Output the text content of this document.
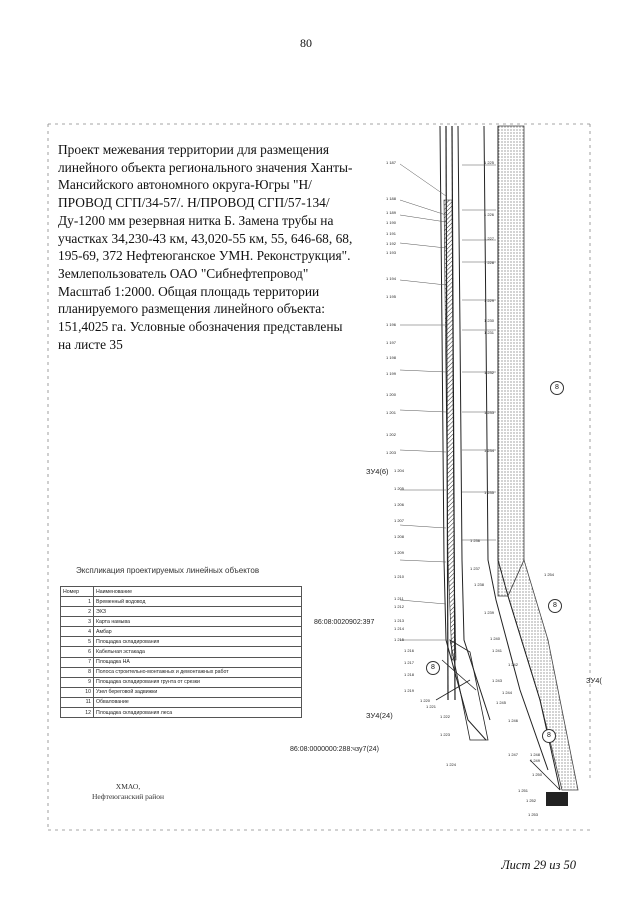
80
Проект межевания территории для размещения линейного объекта регионального значения Ханты-Мансийского автономного округа-Югры "Н/ПРОВОД СГП/34-57/. Н/ПРОВОД СГП/57-134/Ду-1200 мм резервная нитка Б. Замена трубы на участках 34,230-43 км, 43,020-55 км, 55, 646-68, 68, 195-69, 372 Нефтеюганское УМН. Реконструкция". Землепользователь ОАО "Сибнефтепровод" Масштаб 1:2000. Общая площадь территории планируемого размещения линейного объекта: 151,4025 га. Условные обозначения представлены на листе 35
1 187
1 188
1 189
1 190
1 191
1 192
1 193
1 194
1 195
1 196
1 197
1 198
1 199
1 200
1 201
1 202
1 203
1 204
1 205
1 206
1 207
1 208
1 209
1 210
1 211
1 212
1 213
1 214
1 215
1 216
1 217
1 218
1 219
1 220
1 221
1 222
1 223
1 224
1 225
1 226
1 227
1 228
1 229
1 230
1 231
1 232
1 233
1 234
1 235
1 236
1 237
1 238
1 239
1 240
1 241
1 242
1 243
1 244
1 245
1 246
1 247	1 248
1 249
1 250
1 251
1 252
1 253
1 254
ЗУ4(6)
ЗУ4(24)
ЗУ4(
86:08:0020902:397
86:08:0000000:288:чзу7(24)
8
8
8
8
Экспликация проектируемых линейных объектов
Номер	Наименование
1	Временный водовод
2	ЭХЗ
3	Карта намыва
4	Амбар
5	Площадка складирования
6	Кабельная эстакада
7	Площадка НА
8	Полоса строительно-монтажных и демонтажных работ
9	Площадка складирования грунта от срезки
10	Узел береговой задвижки
11	Обвалование
12	Площадка складирования леса
ХМАО,
Нефтеюганский район
Лист 29 из 50
